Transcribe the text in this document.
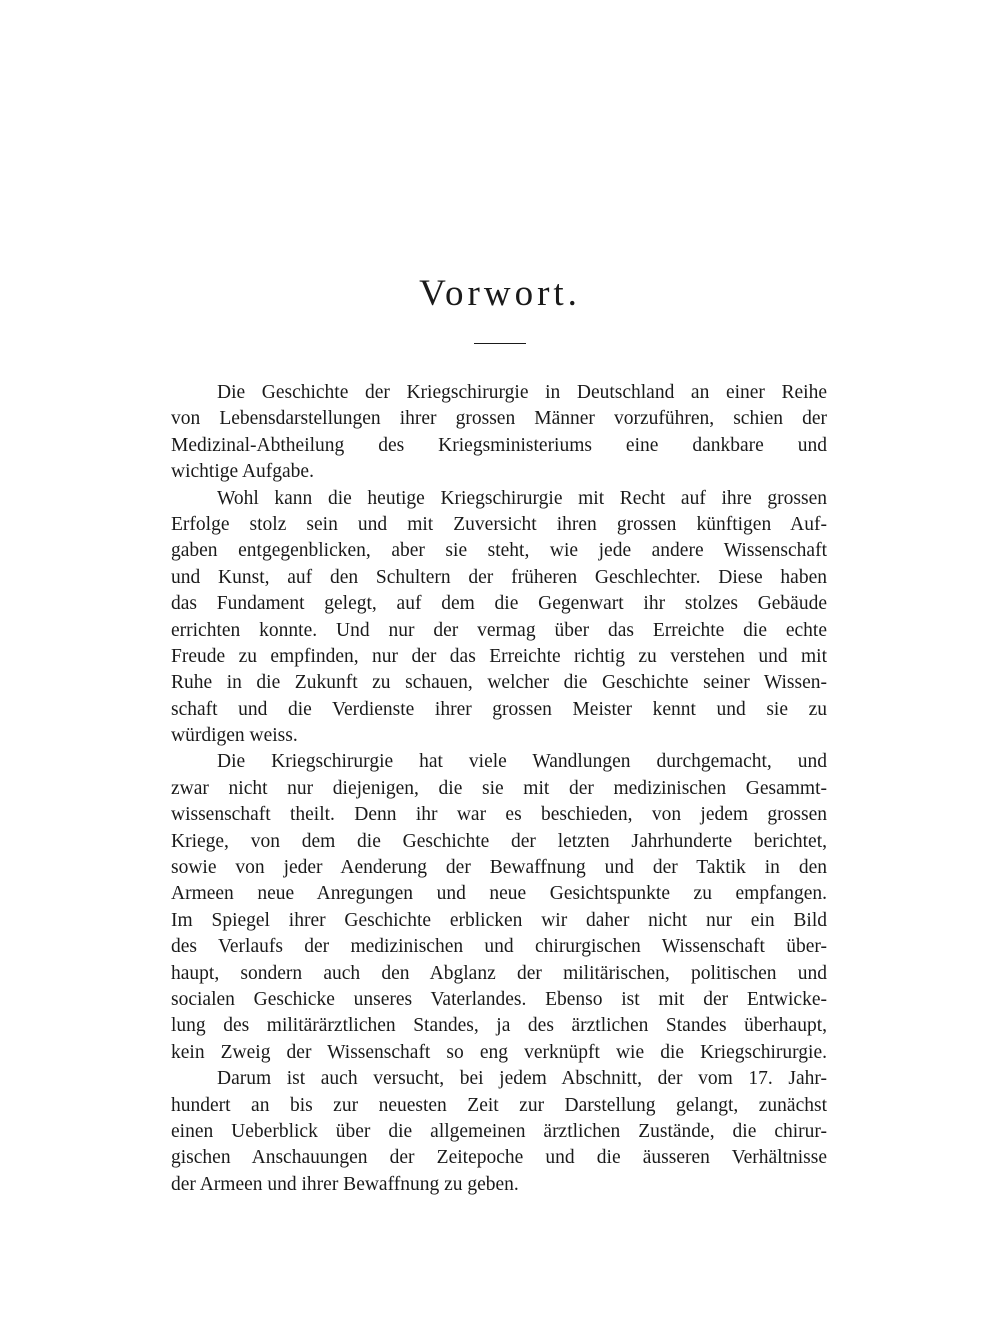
Vorwort.
Die Geschichte der Kriegschirurgie in Deutschland an einer Reihe
von Lebensdarstellungen ihrer grossen Männer vorzuführen, schien der
Medizinal-Abtheilung des Kriegsministeriums eine dankbare und
wichtige Aufgabe.
Wohl kann die heutige Kriegschirurgie mit Recht auf ihre grossen
Erfolge stolz sein und mit Zuversicht ihren grossen künftigen Auf-
gaben entgegenblicken, aber sie steht, wie jede andere Wissenschaft
und Kunst, auf den Schultern der früheren Geschlechter. Diese haben
das Fundament gelegt, auf dem die Gegenwart ihr stolzes Gebäude
errichten konnte. Und nur der vermag über das Erreichte die echte
Freude zu empfinden, nur der das Erreichte richtig zu verstehen und mit
Ruhe in die Zukunft zu schauen, welcher die Geschichte seiner Wissen-
schaft und die Verdienste ihrer grossen Meister kennt und sie zu
würdigen weiss.
Die Kriegschirurgie hat viele Wandlungen durchgemacht, und
zwar nicht nur diejenigen, die sie mit der medizinischen Gesammt-
wissenschaft theilt. Denn ihr war es beschieden, von jedem grossen
Kriege, von dem die Geschichte der letzten Jahrhunderte berichtet,
sowie von jeder Aenderung der Bewaffnung und der Taktik in den
Armeen neue Anregungen und neue Gesichtspunkte zu empfangen.
Im Spiegel ihrer Geschichte erblicken wir daher nicht nur ein Bild
des Verlaufs der medizinischen und chirurgischen Wissenschaft über-
haupt, sondern auch den Abglanz der militärischen, politischen und
socialen Geschicke unseres Vaterlandes. Ebenso ist mit der Entwicke-
lung des militärärztlichen Standes, ja des ärztlichen Standes überhaupt,
kein Zweig der Wissenschaft so eng verknüpft wie die Kriegschirurgie.
Darum ist auch versucht, bei jedem Abschnitt, der vom 17. Jahr-
hundert an bis zur neuesten Zeit zur Darstellung gelangt, zunächst
einen Ueberblick über die allgemeinen ärztlichen Zustände, die chirur-
gischen Anschauungen der Zeitepoche und die äusseren Verhältnisse
der Armeen und ihrer Bewaffnung zu geben.
